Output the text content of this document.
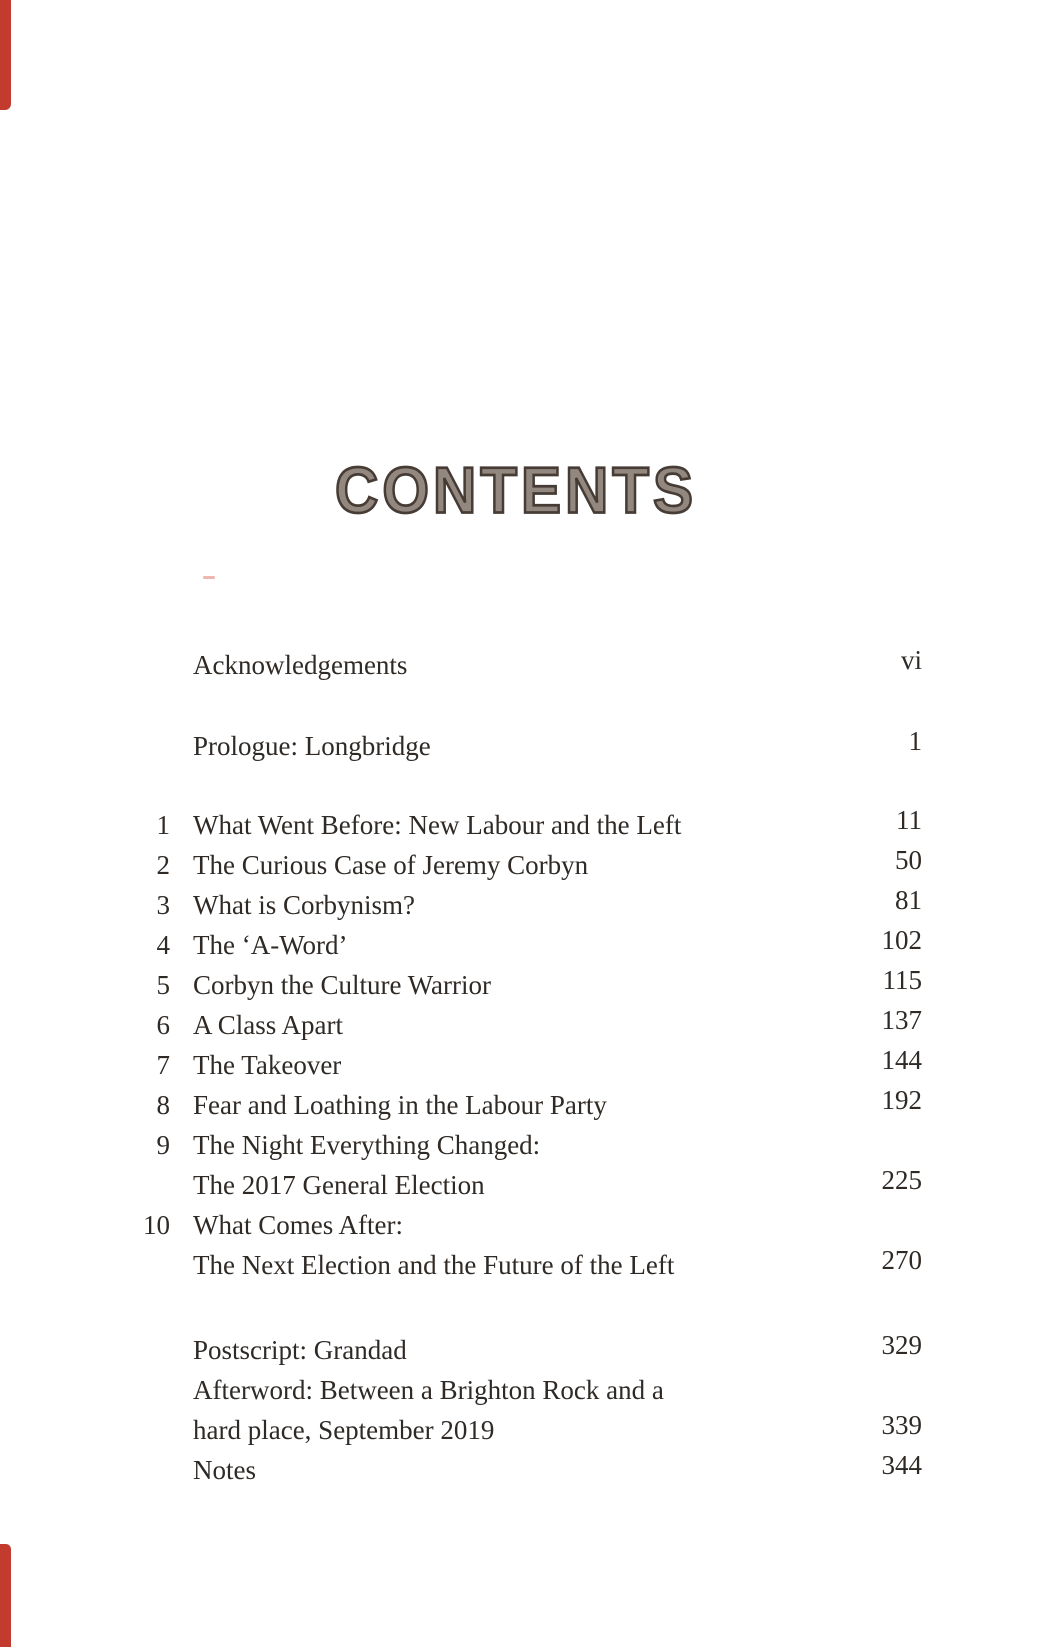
CONTENTS
Acknowledgements	vi
Prologue: Longbridge	1
1 What Went Before: New Labour and the Left	11
2 The Curious Case of Jeremy Corbyn	50
3 What is Corbynism?	81
4 The ‘A-Word’	102
5 Corbyn the Culture Warrior	115
6 A Class Apart	137
7 The Takeover	144
8 Fear and Loathing in the Labour Party	192
9 The Night Everything Changed:
The 2017 General Election	225
10 What Comes After:
The Next Election and the Future of the Left	270
Postscript: Grandad	329
Afterword: Between a Brighton Rock and a
hard place, September 2019	339
Notes	344
